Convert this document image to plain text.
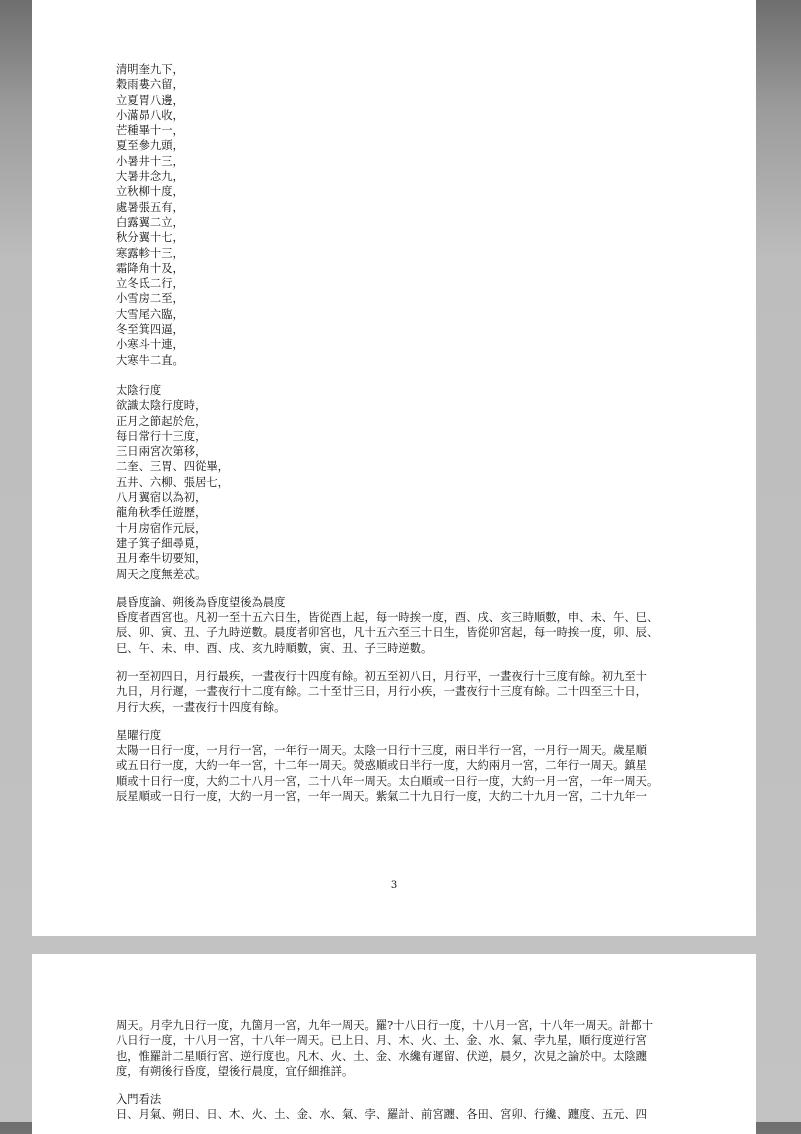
清明奎九下，
穀雨婁六留，
立夏胃八邊，
小滿昴八收，
芒種畢十一，
夏至參九頭，
小暑井十三，
大暑井念九，
立秋柳十度，
處暑張五有，
白露翼二立，
秋分翼十七，
寒露軫十三，
霜降角十及，
立冬氐二行，
小雪房二至，
大雪尾六臨，
冬至箕四逼，
小寒斗十連，
大寒牛二直。
太陰行度
欲識太陰行度時，
正月之節起於危，
每日常行十三度，
三日兩宮次第移，
二奎、三胃、四從畢，
五井、六柳、張居七，
八月翼宿以為初，
龍角秋季任遊歷，
十月房宿作元辰，
建子箕子細尋覓，
丑月牽牛切要知，
周天之度無差忒。
晨昏度論、朔後為昏度望後為晨度
昏度者酉宮也。凡初一至十五六日生，皆從酉上起，每一時挨一度，酉、戌、亥三時順數，申、未、午、巳、
辰、卯、寅、丑、子九時逆數。晨度者卯宮也，凡十五六至三十日生，皆從卯宮起，每一時挨一度，卯、辰、
巳、午、未、申、酉、戌、亥九時順數，寅、丑、子三時逆數。
初一至初四日，月行最疾，一晝夜行十四度有餘。初五至初八日，月行平，一晝夜行十三度有餘。初九至十
九日，月行遲，一晝夜行十二度有餘。二十至廿三日，月行小疾，一晝夜行十三度有餘。二十四至三十日，
月行大疾，一晝夜行十四度有餘。
星曜行度
太陽一日行一度，一月行一宮，一年行一周天。太陰一日行十三度，兩日半行一宮，一月行一周天。歲星順
或五日行一度，大約一年一宮，十二年一周天。熒惑順或日半行一度，大約兩月一宮，二年行一周天。鎮星
順或十日行一度，大約二十八月一宮，二十八年一周天。太白順或一日行一度，大約一月一宮，一年一周天。
辰星順或一日行一度，大約一月一宮，一年一周天。紫氣二十九日行一度，大約二十九月一宮，二十九年一
3
周天。月孛九日行一度，九箇月一宮，九年一周天。羅?十八日行一度，十八月一宮，十八年一周天。計都十
八日行一度，十八月一宮，十八年一周天。已上日、月、木、火、土、金、水、氣、孛九星，順行度逆行宮
也，惟羅計二星順行宮、逆行度也。凡木、火、土、金、水纔有遲留、伏逆，晨夕，次見之論於中。太陰躔
度，有朔後行昏度，望後行晨度，宜仔細推詳。
入門看法
日、月氣、朔日、日、木、火、土、金、水、氣、孛、羅計、前宮躔、各田、宮卯、行纔、躔度、五元、四
